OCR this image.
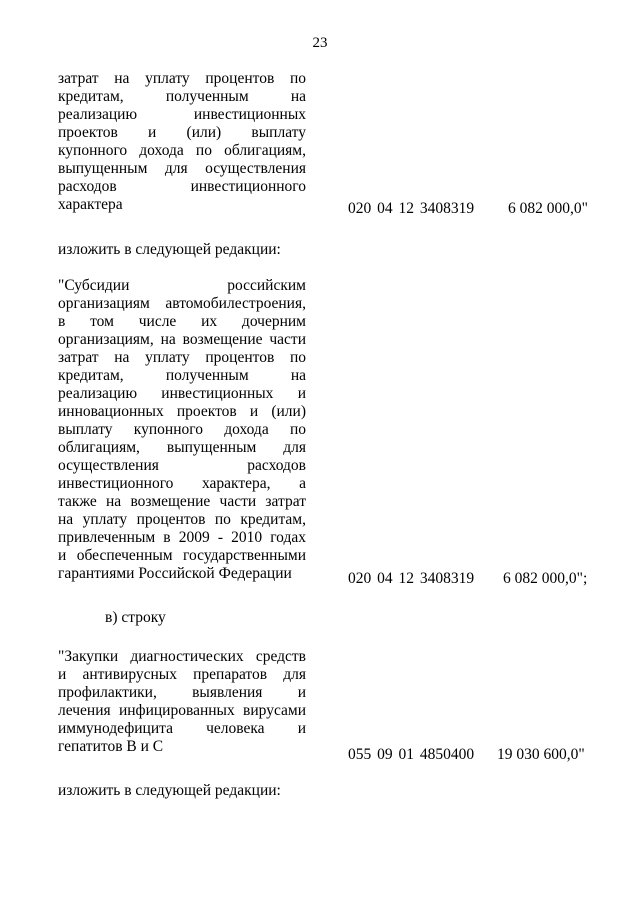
23
затрат на уплату процентов по
кредитам, полученным на
реализацию инвестиционных
проектов и (или) выплату
купонного дохода по облигациям,
выпущенным для осуществления
расходов инвестиционного
характера	020 04 12 3408319 6 082 000,0"
изложить в следующей редакции:
"Субсидии российским
организациям автомобилестроения,
в том числе их дочерним
организациям, на возмещение части
затрат на уплату процентов по
кредитам, полученным на
реализацию инвестиционных и
инновационных проектов и (или)
выплату купонного дохода по
облигациям, выпущенным для
осуществления расходов
инвестиционного характера, а
также на возмещение части затрат
на уплату процентов по кредитам,
привлеченным в 2009 - 2010 годах
и обеспеченным государственными
гарантиями Российской Федерации	020 04 12 3408319 6 082 000,0";
в) строку
"Закупки диагностических средств
и антивирусных препаратов для
профилактики, выявления и
лечения инфицированных вирусами
иммунодефицита человека и
гепатитов B и C	055 09 01 4850400 19 030 600,0"
изложить в следующей редакции:
